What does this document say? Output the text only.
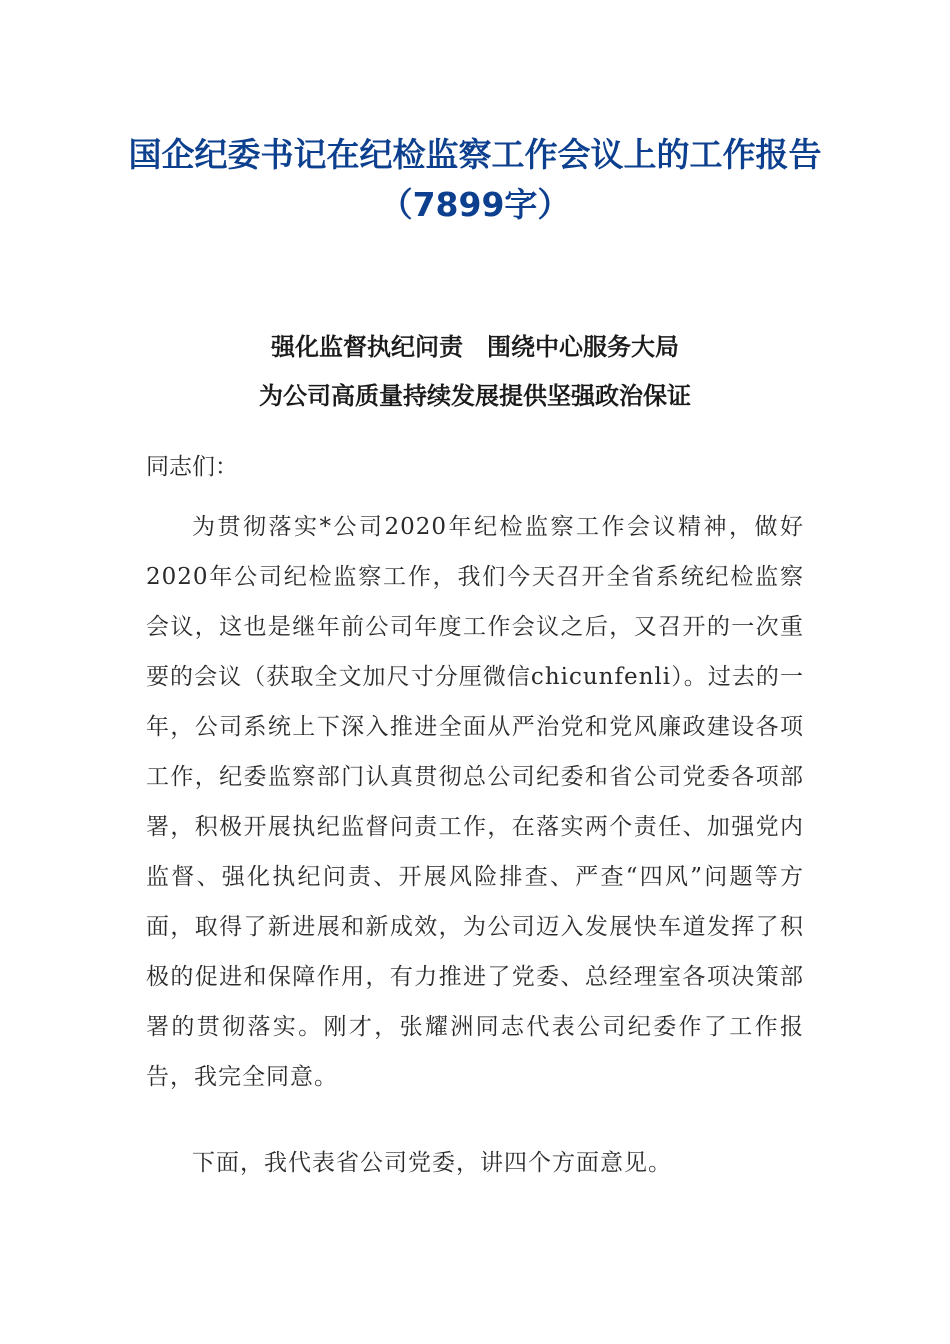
国企纪委书记在纪检监察工作会议上的工作报告（7899字）

强化监督执纪问责　围绕中心服务大局

为公司高质量持续发展提供坚强政治保证

同志们：

为贯彻落实*公司2020年纪检监察工作会议精神，做好2020年公司纪检监察工作，我们今天召开全省系统纪检监察会议，这也是继年前公司年度工作会议之后，又召开的一次重要的会议（获取全文加尺寸分厘微信chicunfenli）。过去的一年，公司系统上下深入推进全面从严治党和党风廉政建设各项工作，纪委监察部门认真贯彻总公司纪委和省公司党委各项部署，积极开展执纪监督问责工作，在落实两个责任、加强党内监督、强化执纪问责、开展风险排查、严查“四风”问题等方面，取得了新进展和新成效，为公司迈入发展快车道发挥了积极的促进和保障作用，有力推进了党委、总经理室各项决策部署的贯彻落实。刚才，张耀洲同志代表公司纪委作了工作报告，我完全同意。

下面，我代表省公司党委，讲四个方面意见。
